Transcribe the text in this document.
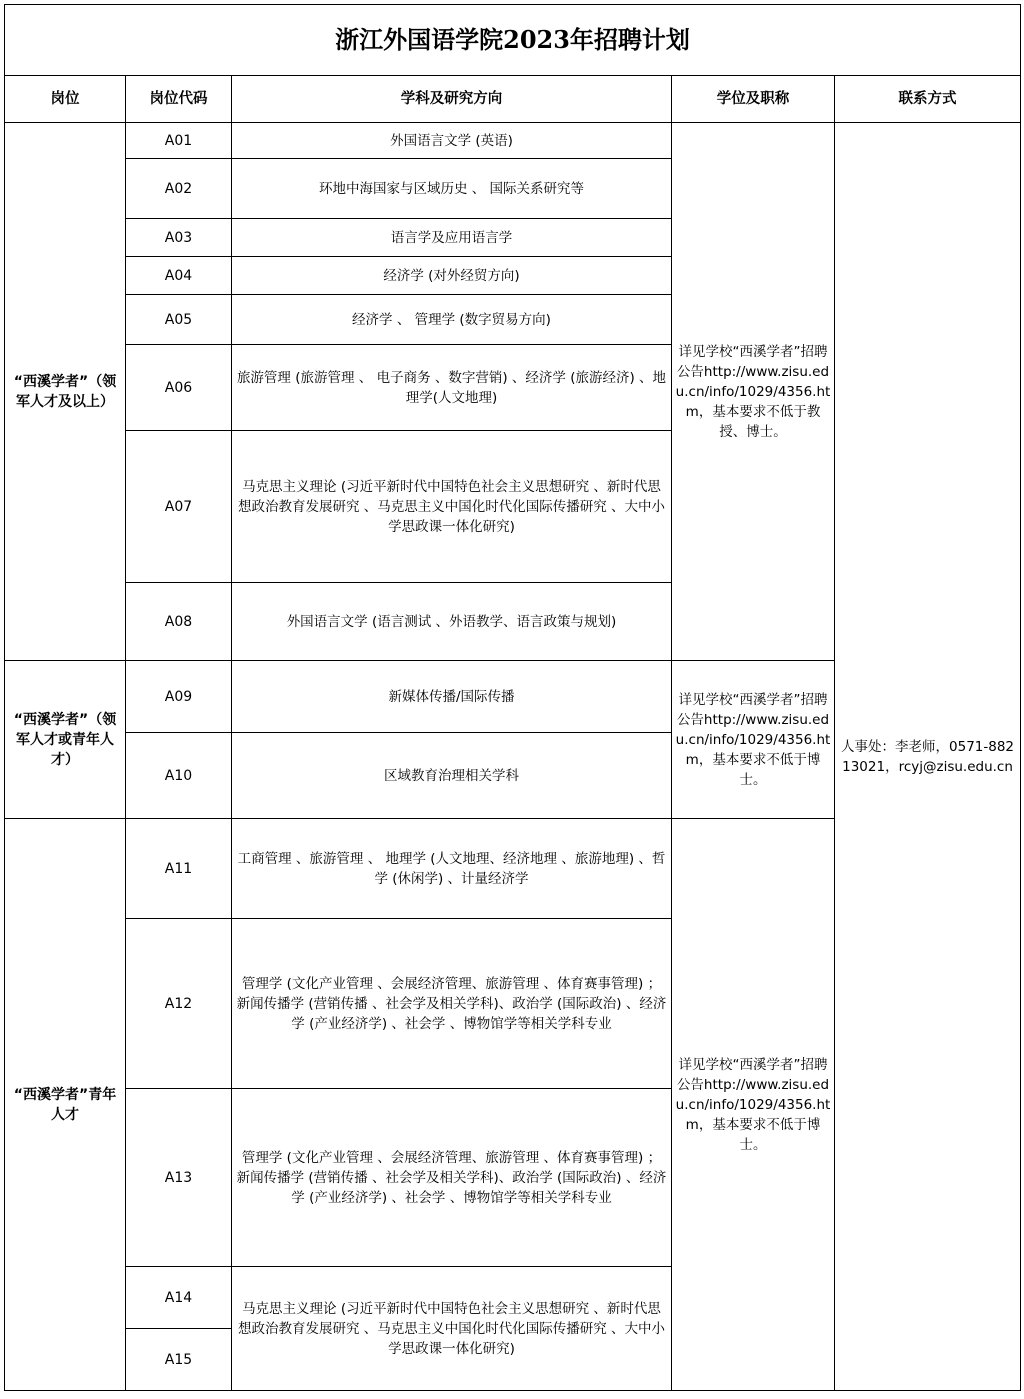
浙江外国语学院2023年招聘计划				
岗位	岗位代码	学科及研究方向	学位及职称	联系方式
“西溪学者”（领军人才及以上）	A01	外国语言文学 (英语)	详见学校“西溪学者”招聘公告http://www.zisu.edu.cn/info/1029/4356.htm，基本要求不低于教授、博士。	人事处：李老师，0571-88213021，rcyj@zisu.edu.cn
	A02	环地中海国家与区域历史 、 国际关系研究等		
	A03	语言学及应用语言学		
	A04	经济学 (对外经贸方向)		
	A05	经济学 、 管理学 (数字贸易方向)		
	A06	旅游管理 (旅游管理 、 电子商务 、数字营销) 、经济学 (旅游经济) 、地理学(人文地理)		
	A07	马克思主义理论 (习近平新时代中国特色社会主义思想研究 、新时代思想政治教育发展研究 、马克思主义中国化时代化国际传播研究 、大中小学思政课一体化研究)		
	A08	外国语言文学 (语言测试 、外语教学、语言政策与规划)		
“西溪学者”（领军人才或青年人才）	A09	新媒体传播/国际传播	详见学校“西溪学者”招聘公告http://www.zisu.edu.cn/info/1029/4356.htm，基本要求不低于博士。	
	A10	区域教育治理相关学科		
“西溪学者”青年人才	A11	工商管理 、旅游管理 、 地理学 (人文地理、经济地理 、旅游地理) 、哲学 (休闲学) 、计量经济学	详见学校“西溪学者”招聘公告http://www.zisu.edu.cn/info/1029/4356.htm，基本要求不低于博士。	
	A12	管理学 (文化产业管理 、会展经济管理、旅游管理 、体育赛事管理) ； 新闻传播学 (营销传播 、社会学及相关学科)、政治学 (国际政治) 、经济学 (产业经济学) 、社会学 、博物馆学等相关学科专业		
	A13	管理学 (文化产业管理 、会展经济管理、旅游管理 、体育赛事管理) ； 新闻传播学 (营销传播 、社会学及相关学科)、政治学 (国际政治) 、经济学 (产业经济学) 、社会学 、博物馆学等相关学科专业		
	A14	马克思主义理论 (习近平新时代中国特色社会主义思想研究 、新时代思想政治教育发展研究 、马克思主义中国化时代化国际传播研究 、大中小学思政课一体化研究)		
	A15			
